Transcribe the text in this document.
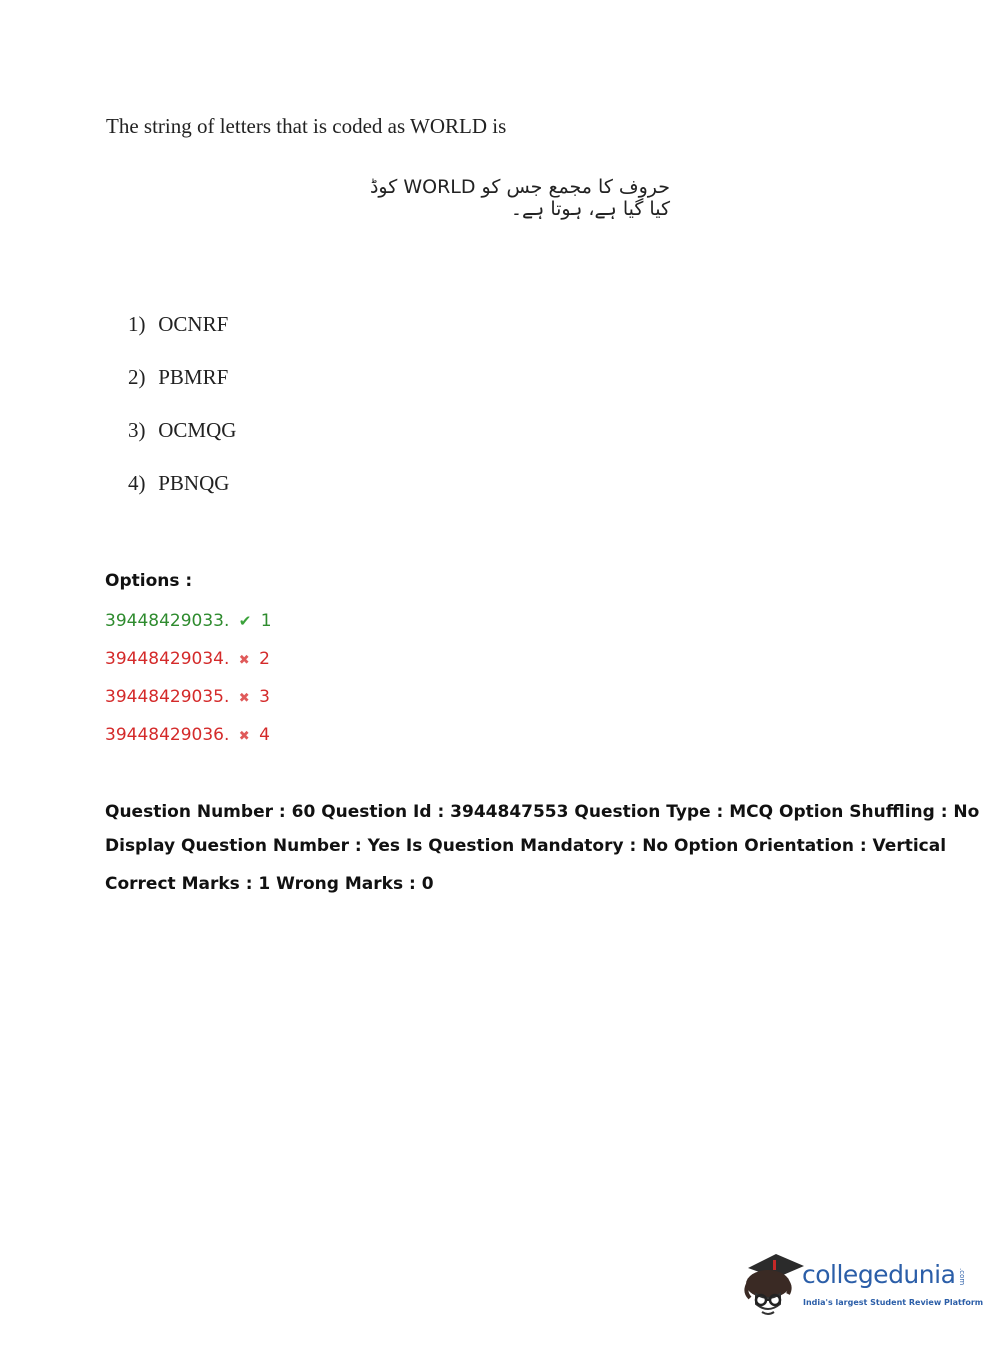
The string of letters that is coded as WORLD is
حروف کا مجمع جس کو WORLD کوڈ کیا گیا ہے، ہوتا ہے۔
1) OCNRF
2) PBMRF
3) OCMQG
4) PBNQG
Options :
39448429033. ✔ 1
39448429034. ✖ 2
39448429035. ✖ 3
39448429036. ✖ 4
Question Number : 60 Question Id : 3944847553 Question Type : MCQ Option Shuffling : No
Display Question Number : Yes Is Question Mandatory : No Option Orientation : Vertical
Correct Marks : 1 Wrong Marks : 0
collegedunia .com
India's largest Student Review Platform
